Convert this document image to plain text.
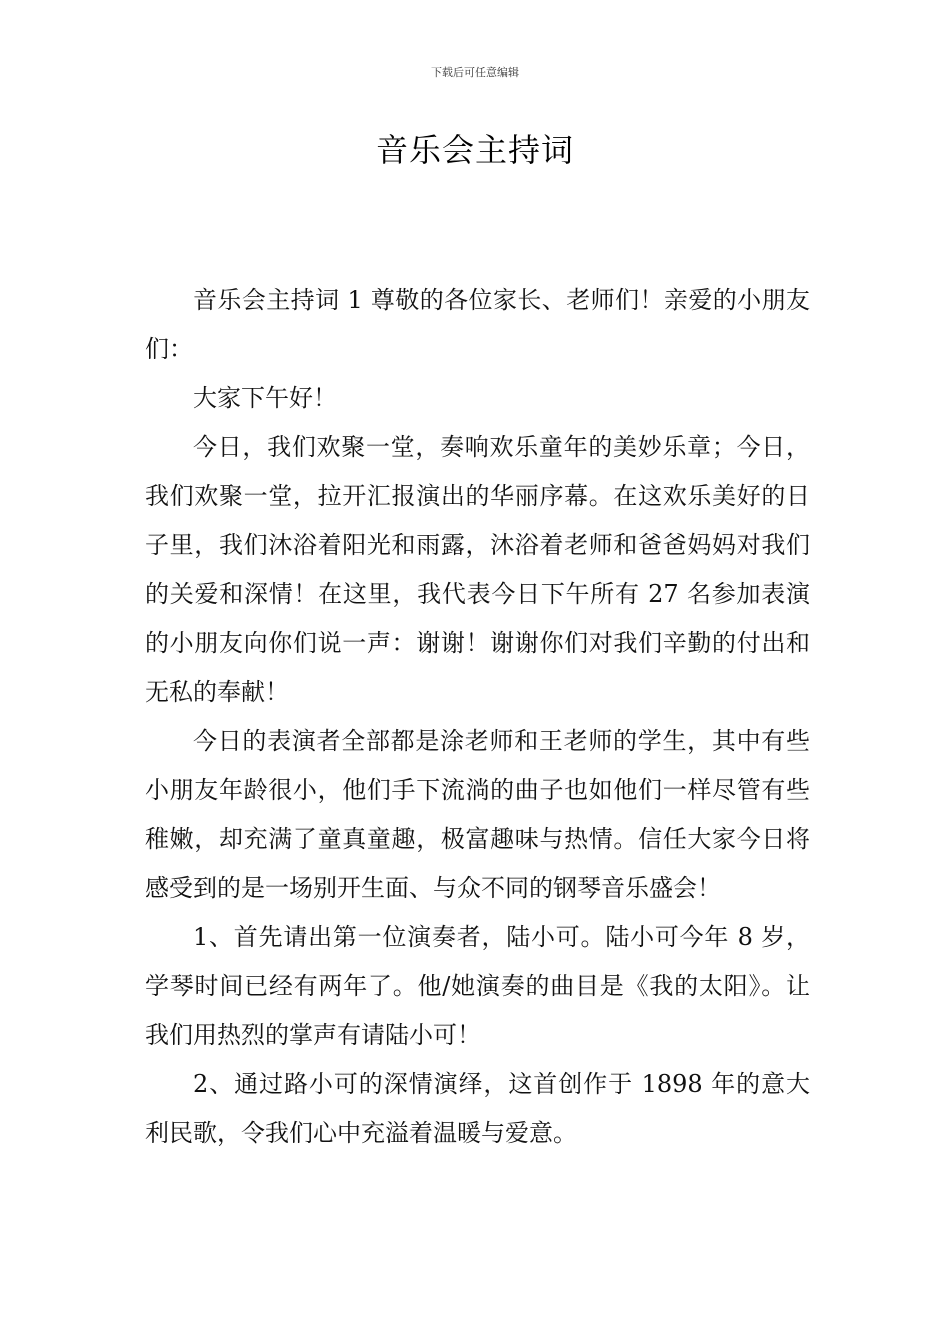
下载后可任意编辑
音乐会主持词

音乐会主持词 1 尊敬的各位家长、老师们！亲爱的小朋友们：

大家下午好！

今日，我们欢聚一堂，奏响欢乐童年的美妙乐章；今日，我们欢聚一堂，拉开汇报演出的华丽序幕。在这欢乐美好的日子里，我们沐浴着阳光和雨露，沐浴着老师和爸爸妈妈对我们的关爱和深情！在这里，我代表今日下午所有 27 名参加表演的小朋友向你们说一声：谢谢！谢谢你们对我们辛勤的付出和无私的奉献！

今日的表演者全部都是涂老师和王老师的学生，其中有些小朋友年龄很小，他们手下流淌的曲子也如他们一样尽管有些稚嫩，却充满了童真童趣，极富趣味与热情。信任大家今日将感受到的是一场别开生面、与众不同的钢琴音乐盛会！

1、首先请出第一位演奏者，陆小可。陆小可今年 8 岁，学琴时间已经有两年了。他/她演奏的曲目是《我的太阳》。让我们用热烈的掌声有请陆小可！

2、通过路小可的深情演绎，这首创作于 1898 年的意大利民歌，令我们心中充溢着温暖与爱意。
